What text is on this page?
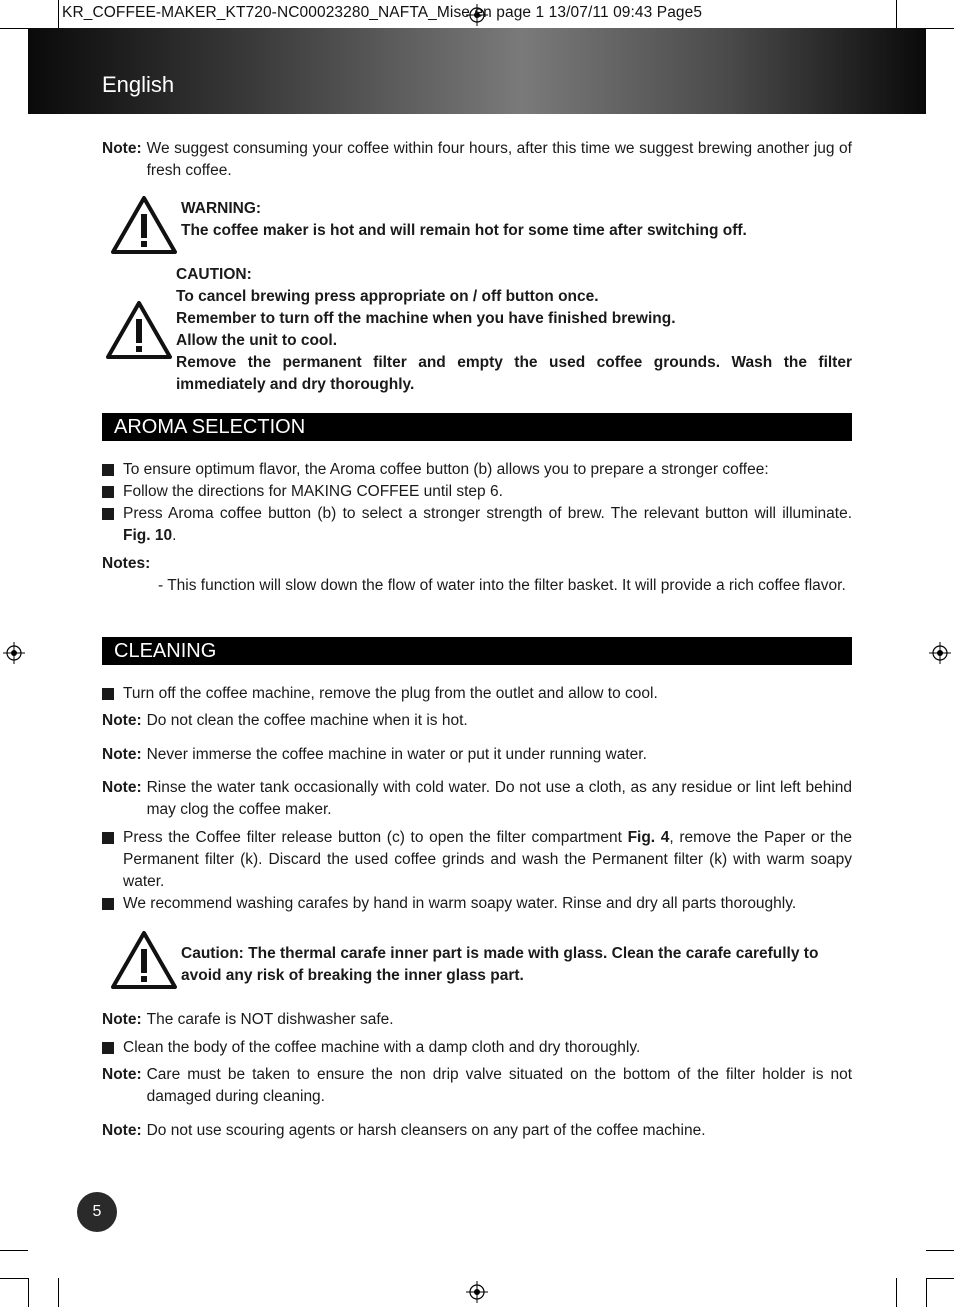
KR_COFFEE-MAKER_KT720-NC00023280_NAFTA_Mise en page 1 13/07/11 09:43 Page5
English
Note: We suggest consuming your coffee within four hours, after this time we suggest brewing another jug of fresh coffee.
WARNING:
The coffee maker is hot and will remain hot for some time after switching off.
CAUTION:
To cancel brewing press appropriate on / off button once.
Remember to turn off the machine when you have finished brewing.
Allow the unit to cool.
Remove the permanent filter and empty the used coffee grounds. Wash the filter immediately and dry thoroughly.
AROMA SELECTION
To ensure optimum flavor, the Aroma coffee button (b) allows you to prepare a stronger coffee:
Follow the directions for MAKING COFFEE until step 6.
Press Aroma coffee button (b) to select a stronger strength of brew. The relevant button will illuminate. Fig. 10.
Notes:
- This function will slow down the flow of water into the filter basket. It will provide a rich coffee flavor.
CLEANING
Turn off the coffee machine, remove the plug from the outlet and allow to cool.
Note: Do not clean the coffee machine when it is hot.
Note: Never immerse the coffee machine in water or put it under running water.
Note: Rinse the water tank occasionally with cold water. Do not use a cloth, as any residue or lint left behind may clog the coffee maker.
Press the Coffee filter release button (c) to open the filter compartment Fig. 4, remove the Paper or the Permanent filter (k). Discard the used coffee grinds and wash the Permanent filter (k) with warm soapy water.
We recommend washing carafes by hand in warm soapy water. Rinse and dry all parts thoroughly.
Caution: The thermal carafe inner part is made with glass. Clean the carafe carefully to avoid any risk of breaking the inner glass part.
Note: The carafe is NOT dishwasher safe.
Clean the body of the coffee machine with a damp cloth and dry thoroughly.
Note: Care must be taken to ensure the non drip valve situated on the bottom of the filter holder is not damaged during cleaning.
Note: Do not use scouring agents or harsh cleansers on any part of the coffee machine.
5
